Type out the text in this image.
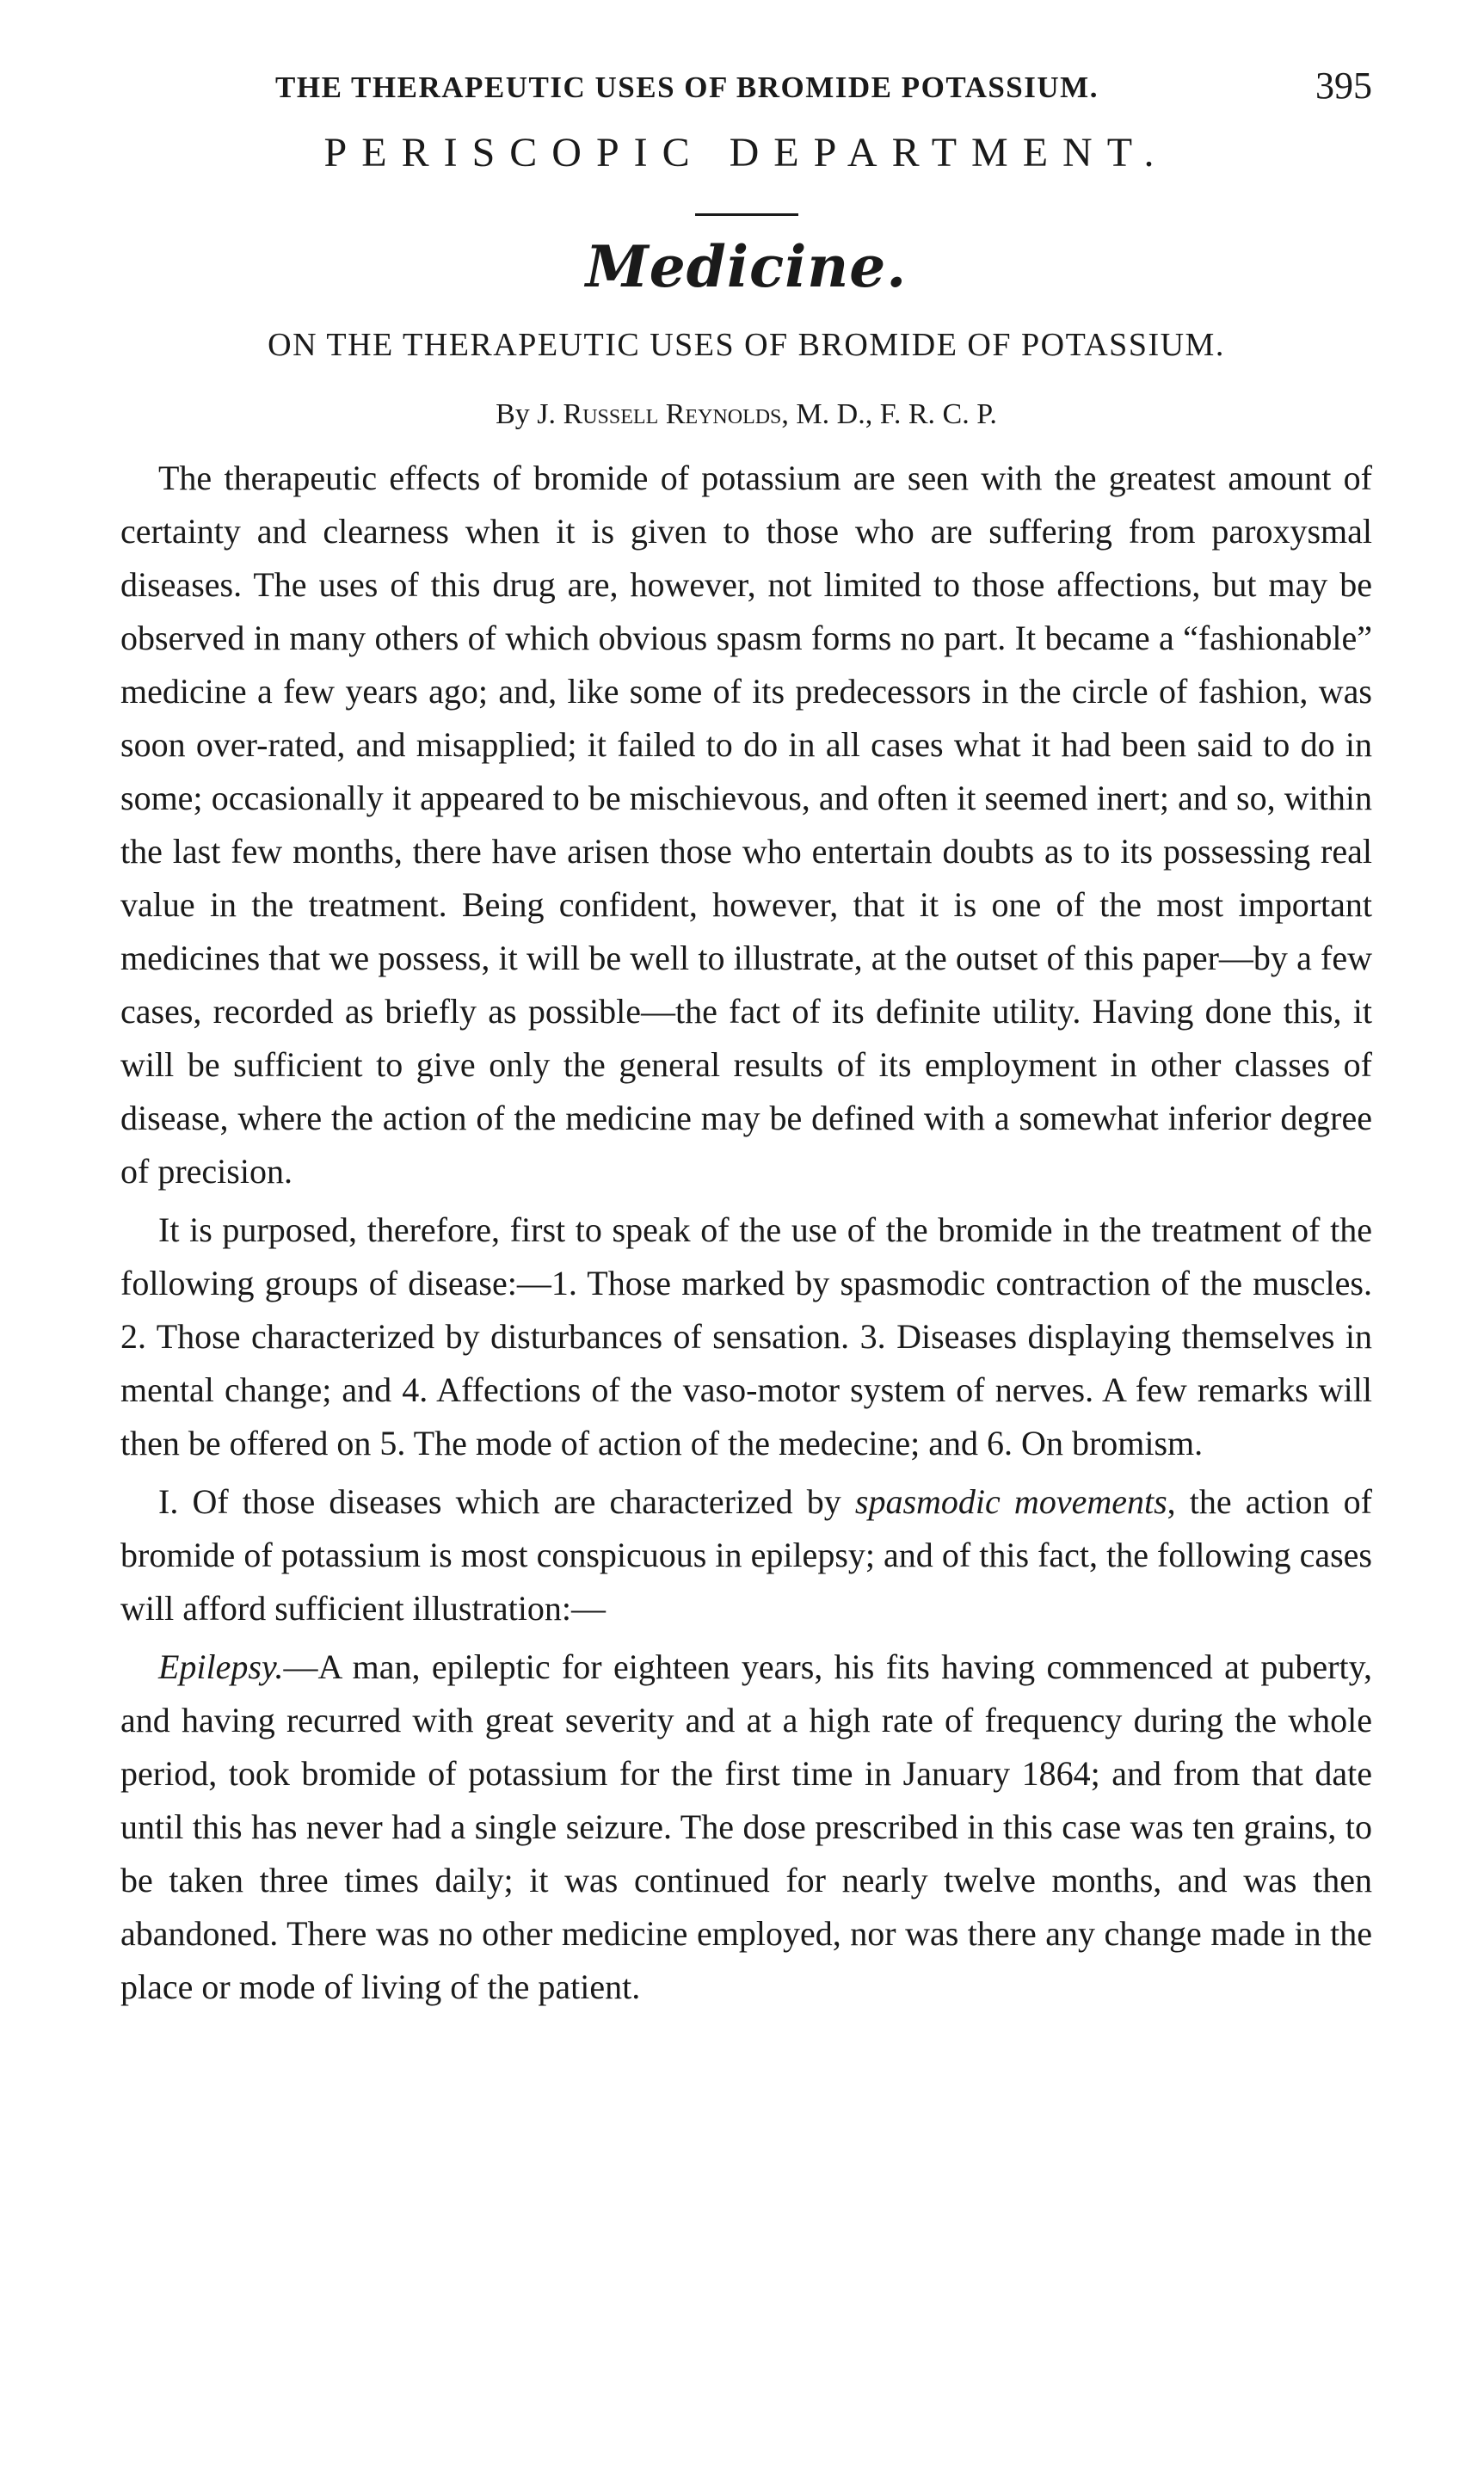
THE THERAPEUTIC USES OF BROMIDE POTASSIUM.	395
PERISCOPIC DEPARTMENT.
Medicine.
ON THE THERAPEUTIC USES OF BROMIDE OF POTASSIUM.
By J. Russell Reynolds, M. D., F. R. C. P.

The therapeutic effects of bromide of potassium are seen with the greatest amount of certainty and clearness when it is given to those who are suffering from paroxysmal diseases. The uses of this drug are, however, not limited to those affections, but may be observed in many others of which obvious spasm forms no part. It became a “fashionable” medicine a few years ago; and, like some of its predecessors in the circle of fashion, was soon over-rated, and misapplied; it failed to do in all cases what it had been said to do in some; occasionally it appeared to be mischievous, and often it seemed inert; and so, within the last few months, there have arisen those who entertain doubts as to its possessing real value in the treatment. Being confident, however, that it is one of the most important medicines that we possess, it will be well to illustrate, at the outset of this paper—by a few cases, recorded as briefly as possible—the fact of its definite utility. Having done this, it will be sufficient to give only the general results of its employment in other classes of disease, where the action of the medicine may be defined with a somewhat inferior degree of precision.

It is purposed, therefore, first to speak of the use of the bromide in the treatment of the following groups of disease:—1. Those marked by spasmodic contraction of the muscles. 2. Those characterized by disturbances of sensation. 3. Diseases displaying themselves in mental change; and 4. Affections of the vaso-motor system of nerves. A few remarks will then be offered on 5. The mode of action of the medecine; and 6. On bromism.

I. Of those diseases which are characterized by spasmodic movements, the action of bromide of potassium is most conspicuous in epilepsy; and of this fact, the following cases will afford sufficient illustration:—

Epilepsy.—A man, epileptic for eighteen years, his fits having commenced at puberty, and having recurred with great severity and at a high rate of frequency during the whole period, took bromide of potassium for the first time in January 1864; and from that date until this has never had a single seizure. The dose prescribed in this case was ten grains, to be taken three times daily; it was continued for nearly twelve months, and was then abandoned. There was no other medicine employed, nor was there any change made in the place or mode of living of the patient.
